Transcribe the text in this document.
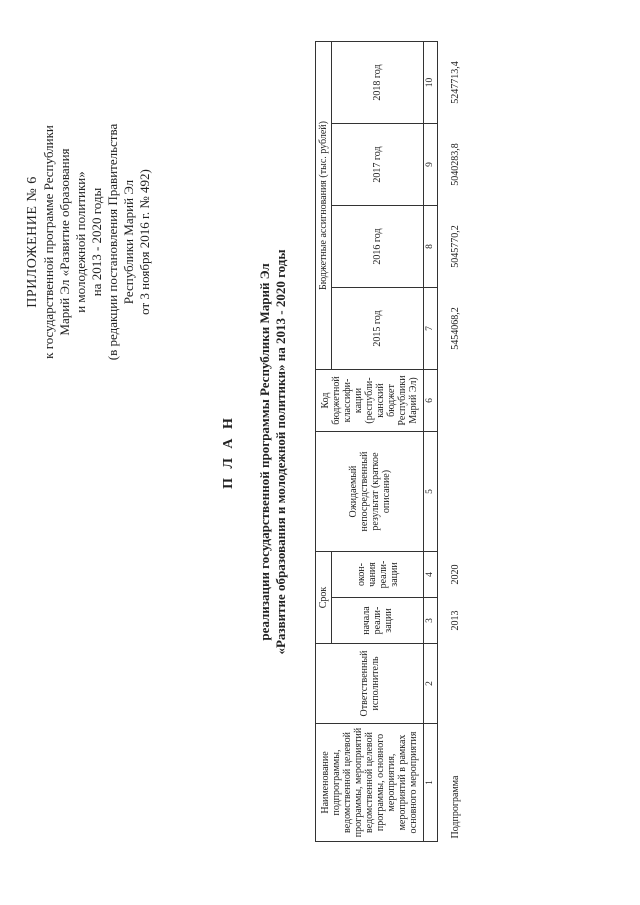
ПРИЛОЖЕНИЕ № 6 к государственной программе Республики Марий Эл «Развитие образования и молодежной политики» на 2013 - 2020 годы (в редакции постановления Правительства Республики Марий Эл от 3 ноября 2016 г. № 492)
П Л А Н реализации государственной программы Республики Марий Эл «Развитие образования и молодежной политики» на 2013 - 2020 годы
Наименование подпрограммы, ведомственной целевой программы, мероприятий ведомственной целевой программы, основного мероприятия, мероприятий в рамках основного мероприятия	Ответственный исполнитель	Срок		Ожидаемый непосредственный результат (краткое описание)	Код бюджетной классифи-кации (республи-канский бюджет Республики Марий Эл)	Бюджетные ассигнования (тыс. рублей)			
		начала реали-зации	окон-чания реали-зации			2015 год	2016 год	2017 год	2018 год
1	2	3	4	5	6	7	8	9	10
Подпрограмма		2013	2020			5454068,2	5045770,2	5040283,8	5247713,4
